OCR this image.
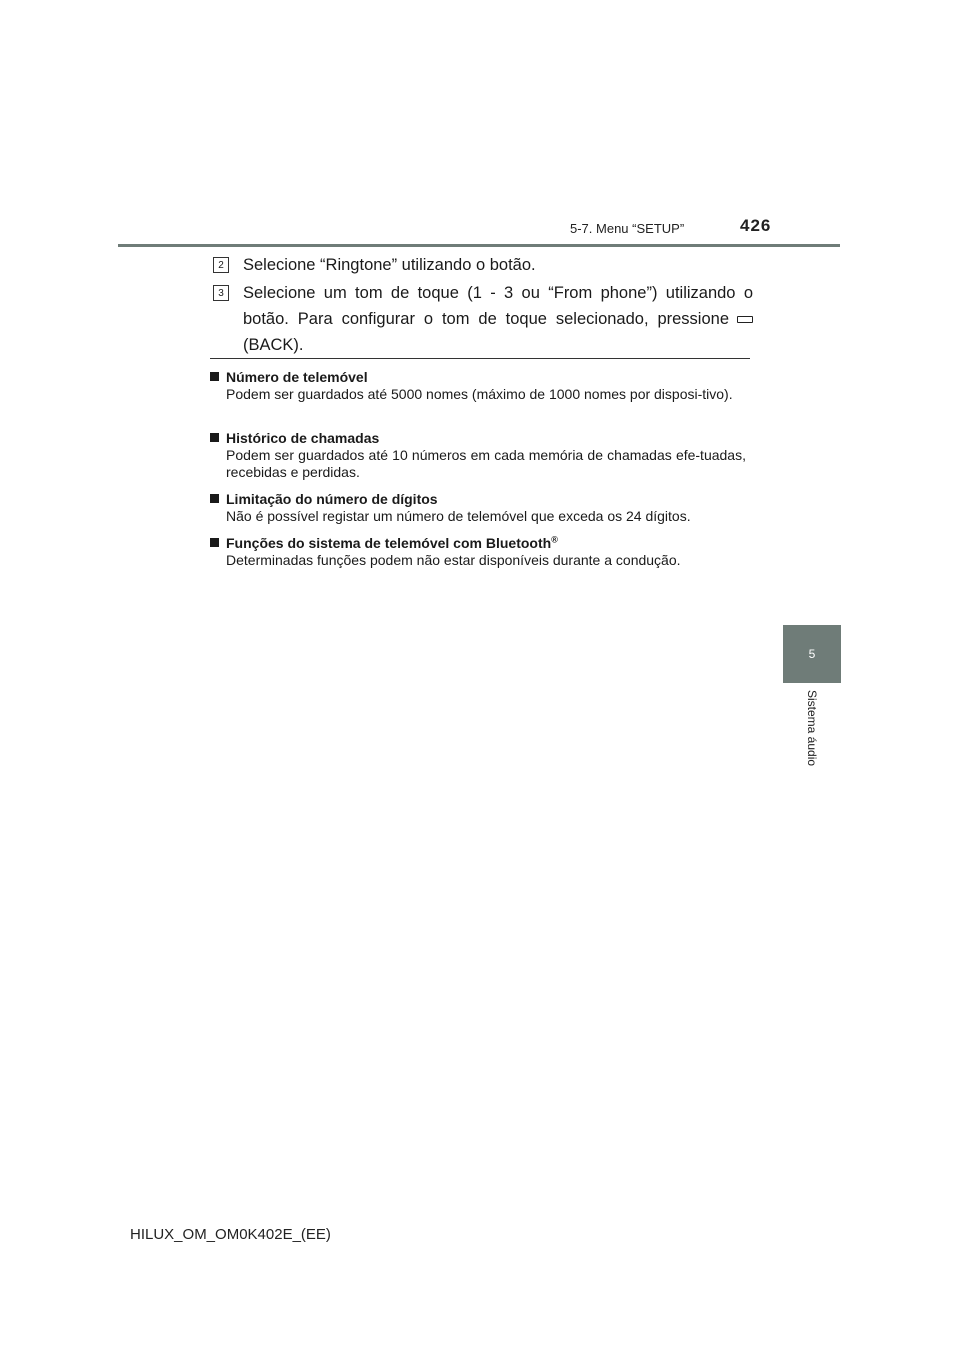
5-7. Menu “SETUP”	426
5
Sistema áudio
2	Selecione “Ringtone” utilizando o botão.
3	Selecione um tom de toque (1 - 3 ou “From phone”) utilizando o botão. Para configurar o tom de toque selecionado, pressione (BACK).
Número de telemóvel
Podem ser guardados até 5000 nomes (máximo de 1000 nomes por disposi-tivo).
Histórico de chamadas
Podem ser guardados até 10 números em cada memória de chamadas efe-tuadas, recebidas e perdidas.
Limitação do número de dígitos
Não é possível registar um número de telemóvel que exceda os 24 dígitos.
Funções do sistema de telemóvel com Bluetooth®
Determinadas funções podem não estar disponíveis durante a condução.
HILUX_OM_OM0K402E_(EE)
